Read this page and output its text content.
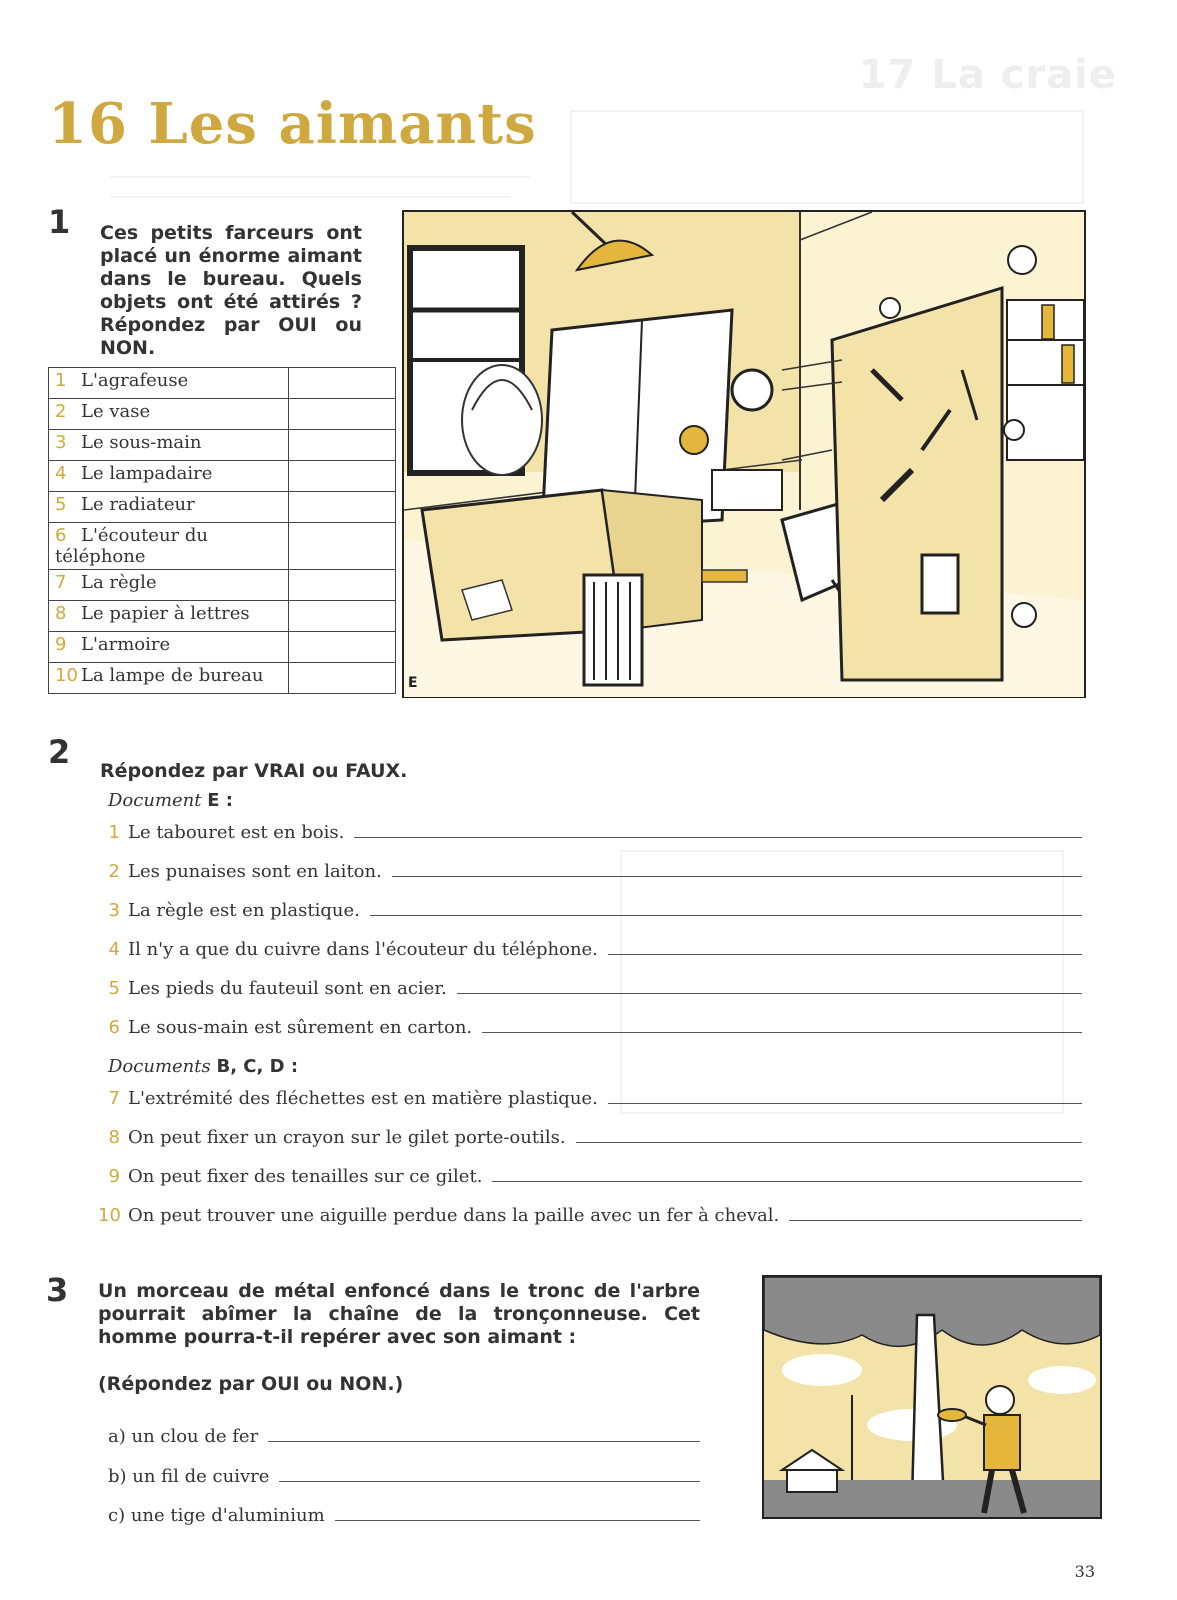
17 La craie
16 Les aimants
1 Ces petits farceurs ont placé un énorme aimant dans le bureau. Quels objets ont été attirés ? Répondez par OUI ou NON.

1 L'agrafeuse	
2 Le vase	
3 Le sous-main	
4 Le lampadaire	
5 Le radiateur	
6 L'écouteur du téléphone	
7 La règle	
8 Le papier à lettres	
9 L'armoire	
10 La lampe de bureau		E
2 Répondez par VRAI ou FAUX.

Document E :
1 Le tabouret est en bois.
2 Les punaises sont en laiton.
3 La règle est en plastique.
4 Il n'y a que du cuivre dans l'écouteur du téléphone.
5 Les pieds du fauteuil sont en acier.
6 Le sous-main est sûrement en carton.
Documents B, C, D :
7 L'extrémité des fléchettes est en matière plastique.
8 On peut fixer un crayon sur le gilet porte-outils.
9 On peut fixer des tenailles sur ce gilet.
10 On peut trouver une aiguille perdue dans la paille avec un fer à cheval.
3 Un morceau de métal enfoncé dans le tronc de l'arbre pourrait abîmer la chaîne de la tronçonneuse. Cet homme pourra-t-il repérer avec son aimant :

(Répondez par OUI ou NON.)

a) un clou de fer
b) un fil de cuivre
c) une tige d'aluminium
33
